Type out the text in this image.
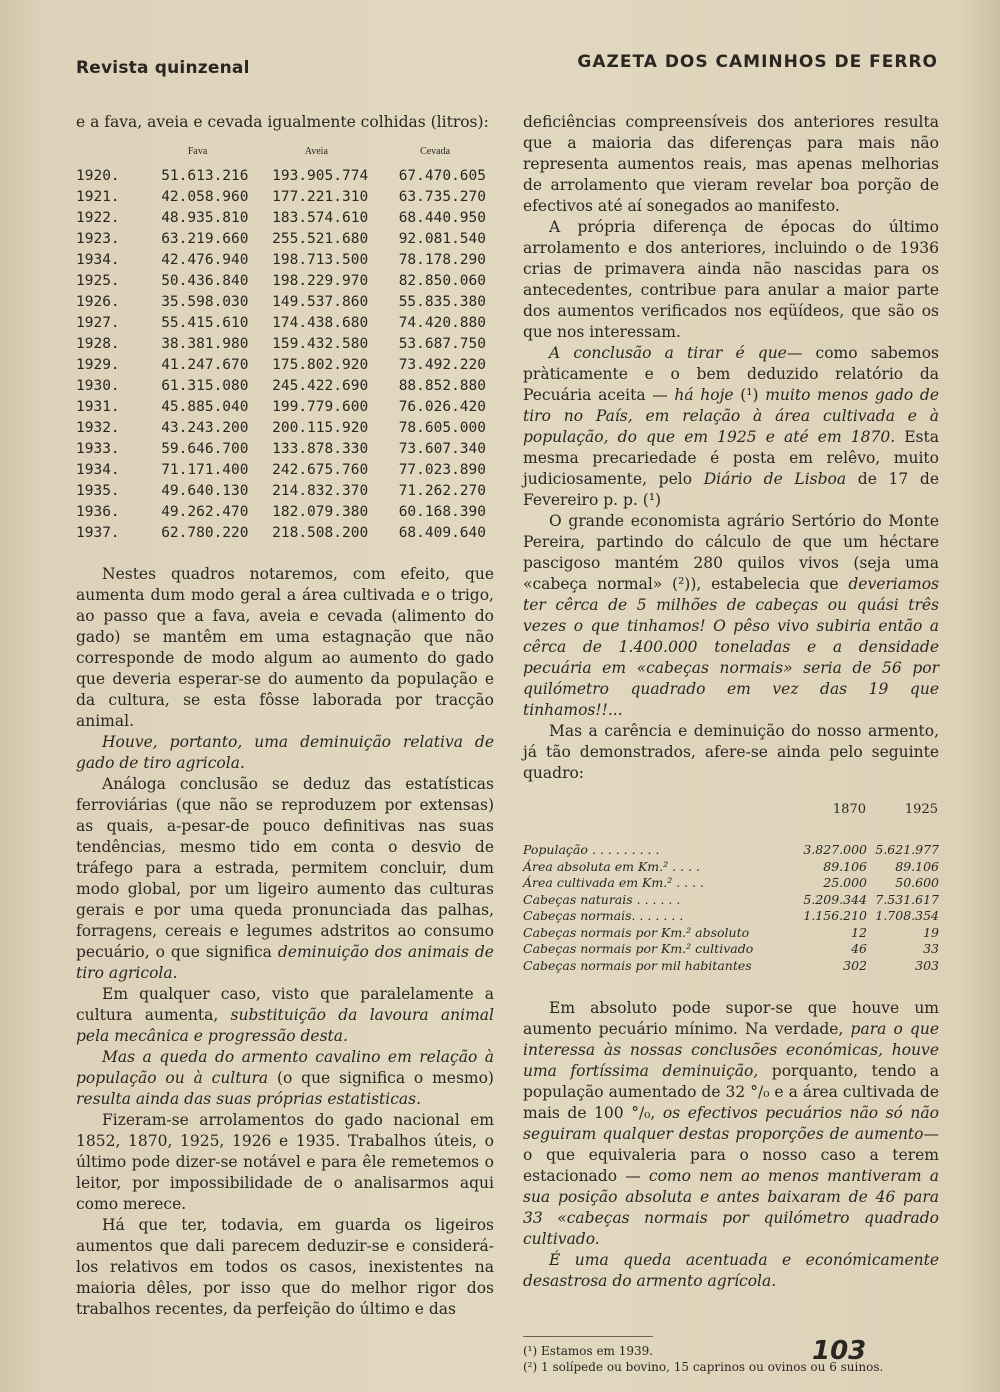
Revista quinzenal	GAZETA DOS CAMINHOS DE FERRO

e a fava, aveia e cevada igualmente colhidas (litros):

	Fava	Aveia	Cevada
1920.	51.613.216	193.905.774	67.470.605
1921.	42.058.960	177.221.310	63.735.270
1922.	48.935.810	183.574.610	68.440.950
1923.	63.219.660	255.521.680	92.081.540
1934.	42.476.940	198.713.500	78.178.290
1925.	50.436.840	198.229.970	82.850.060
1926.	35.598.030	149.537.860	55.835.380
1927.	55.415.610	174.438.680	74.420.880
1928.	38.381.980	159.432.580	53.687.750
1929.	41.247.670	175.802.920	73.492.220
1930.	61.315.080	245.422.690	88.852.880
1931.	45.885.040	199.779.600	76.026.420
1932.	43.243.200	200.115.920	78.605.000
1933.	59.646.700	133.878.330	73.607.340
1934.	71.171.400	242.675.760	77.023.890
1935.	49.640.130	214.832.370	71.262.270
1936.	49.262.470	182.079.380	60.168.390
1937.	62.780.220	218.508.200	68.409.640

Nestes quadros notaremos, com efeito, que aumenta dum modo geral a área cultivada e o trigo, ao passo que a fava, aveia e cevada (alimento do gado) se mantêm em uma estagnação que não corresponde de modo algum ao aumento do gado que deveria esperar-se do aumento da população e da cultura, se esta fôsse laborada por tracção animal.

Houve, portanto, uma deminuição relativa de gado de tiro agricola.

Análoga conclusão se deduz das estatísticas ferroviárias (que não se reproduzem por extensas) as quais, a-pesar-de pouco definitivas nas suas tendências, mesmo tido em conta o desvio de tráfego para a estrada, permitem concluir, dum modo global, por um ligeiro aumento das culturas gerais e por uma queda pronunciada das palhas, forragens, cereais e legumes adstritos ao consumo pecuário, o que significa deminuição dos animais de tiro agricola.

Em qualquer caso, visto que paralelamente a cultura aumenta, substituição da lavoura animal pela mecânica e progressão desta.

Mas a queda do armento cavalino em relação à população ou à cultura (o que significa o mesmo) resulta ainda das suas próprias estatisticas.

Fizeram-se arrolamentos do gado nacional em 1852, 1870, 1925, 1926 e 1935. Trabalhos úteis, o último pode dizer-se notável e para êle remetemos o leitor, por impossibilidade de o analisarmos aqui como merece.

Há que ter, todavia, em guarda os ligeiros aumentos que dali parecem deduzir-se e considerá-los relativos em todos os casos, inexistentes na maioria dêles, por isso que do melhor rigor dos trabalhos recentes, da perfeição do último e das

deficiências compreensíveis dos anteriores resulta que a maioria das diferenças para mais não representa aumentos reais, mas apenas melhorias de arrolamento que vieram revelar boa porção de efectivos até aí sonegados ao manifesto.

A própria diferença de épocas do último arrolamento e dos anteriores, incluindo o de 1936 crias de primavera ainda não nascidas para os antecedentes, contribue para anular a maior parte dos aumentos verificados nos eqüídeos, que são os que nos interessam.

A conclusão a tirar é que— como sabemos pràticamente e o bem deduzido relatório da Pecuária aceita — há hoje (¹) muito menos gado de tiro no País, em relação à área cultivada e à população, do que em 1925 e até em 1870. Esta mesma precariedade é posta em relêvo, muito judiciosamente, pelo Diário de Lisboa de 17 de Fevereiro p. p. (¹)

O grande economista agrário Sertório do Monte Pereira, partindo do cálculo de que um héctare pascigoso mantém 280 quilos vivos (seja uma «cabeça normal» (²)), estabelecia que deveriamos ter cêrca de 5 milhões de cabeças ou quási três vezes o que tinhamos! O pêso vivo subiria então a cêrca de 1.400.000 toneladas e a densidade pecuária em «cabeças normais» seria de 56 por quilómetro quadrado em vez das 19 que tinhamos!!...

Mas a carência e deminuição do nosso armento, já tão demonstrados, afere-se ainda pelo seguinte quadro:

	1870	1925
População . . . . . . . . .	3.827.000	5.621.977
Área absoluta em Km.² . . . .	89.106	89.106
Área cultivada em Km.² . . . .	25.000	50.600
Cabeças naturais . . . . . .	5.209.344	7.531.617
Cabeças normais. . . . . . .	1.156.210	1.708.354
Cabeças normais por Km.² absoluto	12	19
Cabeças normais por Km.² cultivado	46	33
Cabeças normais por mil habitantes	302	303

Em absoluto pode supor-se que houve um aumento pecuário mínimo. Na verdade, para o que interessa às nossas conclusões económicas, houve uma fortíssima deminuição, porquanto, tendo a população aumentado de 32 °/₀ e a área cultivada de mais de 100 °/₀, os efectivos pecuários não só não seguiram qualquer destas proporções de aumento— o que equivaleria para o nosso caso a terem estacionado — como nem ao menos mantiveram a sua posição absoluta e antes baixaram de 46 para 33 «cabeças normais por quilómetro quadrado cultivado.

É uma queda acentuada e económicamente desastrosa do armento agrícola.

(¹) Estamos em 1939.

(²) 1 solípede ou bovino, 15 caprinos ou ovinos ou 6 suinos.

103
